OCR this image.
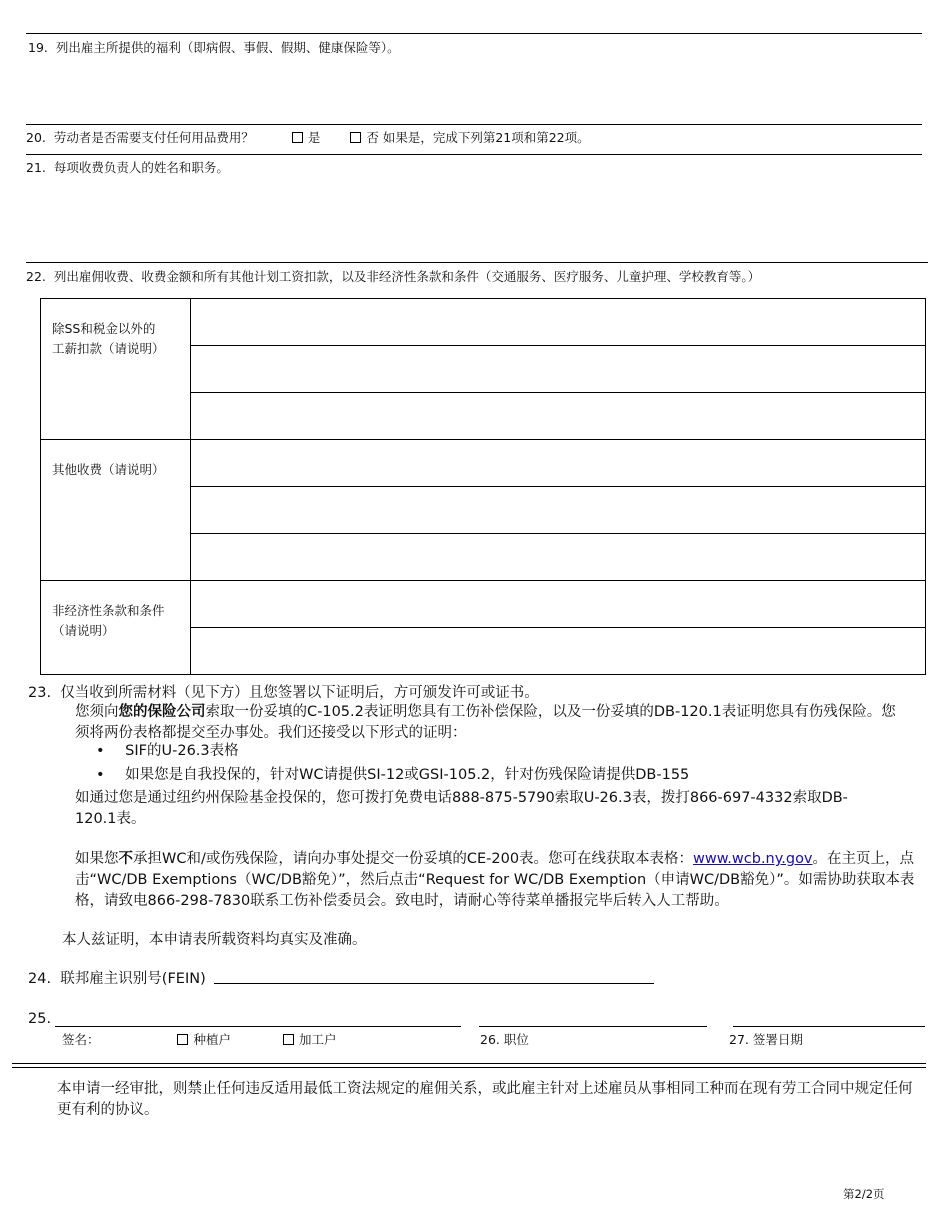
19. 列出雇主所提供的福利（即病假、事假、假期、健康保险等）。
20. 劳动者是否需要支付任何用品费用？	是	否 如果是，完成下列第21项和第22项。
21. 每项收费负责人的姓名和职务。
22. 列出雇佣收费、收费金额和所有其他计划工资扣款，以及非经济性条款和条件（交通服务、医疗服务、儿童护理、学校教育等。）
除SS和税金以外的
工薪扣款（请说明）	

其他收费（请说明）	

非经济性条款和条件
（请说明）	

23. 仅当收到所需材料（见下方）且您签署以下证明后，方可颁发许可或证书。
您须向您的保险公司索取一份妥填的C-105.2表证明您具有工伤补偿保险，以及一份妥填的DB-120.1表证明您具有伤残保险。您须将两份表格都提交至办事处。我们还接受以下形式的证明：
• SIF的U-26.3表格
• 如果您是自我投保的，针对WC请提供SI-12或GSI-105.2，针对伤残保险请提供DB-155
如通过您是通过纽约州保险基金投保的，您可拨打免费电话888-875-5790索取U-26.3表，拨打866-697-4332索取DB-120.1表。
如果您不承担WC和/或伤残保险，请向办事处提交一份妥填的CE-200表。您可在线获取本表格：www.wcb.ny.gov。在主页上，点击“WC/DB Exemptions（WC/DB豁免）”，然后点击“Request for WC/DB Exemption（申请WC/DB豁免）”。如需协助获取本表格，请致电866-298-7830联系工伤补偿委员会。致电时，请耐心等待菜单播报完毕后转入人工帮助。
本人兹证明，本申请表所载资料均真实及准确。
24. 联邦雇主识别号(FEIN)
25.
签名：	种植户	加工户	26. 职位	27. 签署日期
本申请一经审批，则禁止任何违反适用最低工资法规定的雇佣关系，或此雇主针对上述雇员从事相同工种而在现有劳工合同中规定任何更有利的协议。
第2/2页
